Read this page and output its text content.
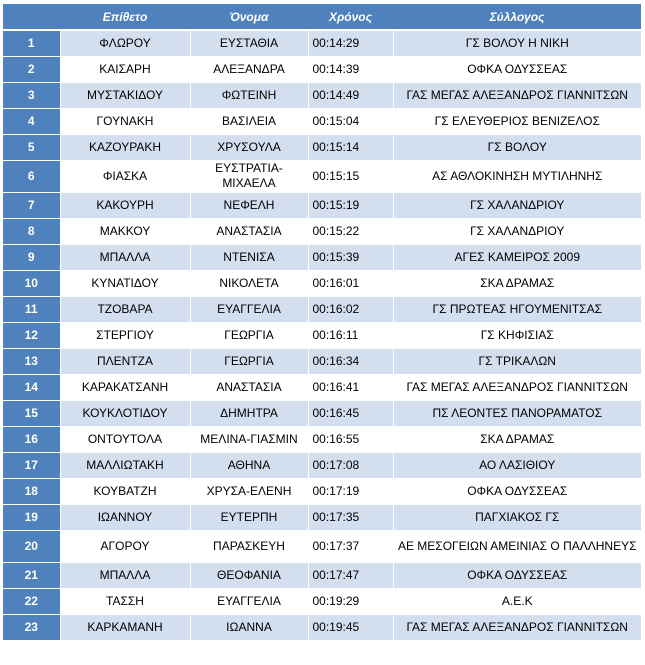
	Επίθετο	Όνομα	Χρόνος	Σύλλογος
1	ΦΛΩΡΟΥ	ΕΥΣΤΑΘΙΑ	00:14:29	ΓΣ ΒΟΛΟΥ Η ΝΙΚΗ
2	ΚΑΙΣΑΡΗ	ΑΛΕΞΑΝΔΡΑ	00:14:39	ΟΦΚΑ ΟΔΥΣΣΕΑΣ
3	ΜΥΣΤΑΚΙΔΟΥ	ΦΩΤΕΙΝΗ	00:14:49	ΓΑΣ ΜΕΓΑΣ ΑΛΕΞΑΝΔΡΟΣ ΓΙΑΝΝΙΤΣΩΝ
4	ΓΟΥΝΑΚΗ	ΒΑΣΙΛΕΙΑ	00:15:04	ΓΣ ΕΛΕΥΘΕΡΙΟΣ ΒΕΝΙΖΕΛΟΣ
5	ΚΑΖΟΥΡΑΚΗ	ΧΡΥΣΟΥΛΑ	00:15:14	ΓΣ ΒΟΛΟΥ
6	ΦΙΑΣΚΑ	ΕΥΣΤΡΑΤΙΑ-ΜΙΧΑΕΛΑ	00:15:15	ΑΣ ΑΘΛΟΚΙΝΗΣΗ ΜΥΤΙΛΗΝΗΣ
7	ΚΑΚΟΥΡΗ	ΝΕΦΕΛΗ	00:15:19	ΓΣ ΧΑΛΑΝΔΡΙΟΥ
8	ΜΑΚΚΟΥ	ΑΝΑΣΤΑΣΙΑ	00:15:22	ΓΣ ΧΑΛΑΝΔΡΙΟΥ
9	ΜΠΑΛΛΑ	ΝΤΕΝΙΣΑ	00:15:39	ΑΓΕΣ ΚΑΜΕΙΡΟΣ 2009
10	ΚΥΝΑΤΙΔΟΥ	ΝΙΚΟΛΕΤΑ	00:16:01	ΣΚΑ ΔΡΑΜΑΣ
11	ΤΖΟΒΑΡΑ	ΕΥΑΓΓΕΛΙΑ	00:16:02	ΓΣ ΠΡΩΤΕΑΣ ΗΓΟΥΜΕΝΙΤΣΑΣ
12	ΣΤΕΡΓΙΟΥ	ΓΕΩΡΓΙΑ	00:16:11	ΓΣ ΚΗΦΙΣΙΑΣ
13	ΠΛΕΝΤΖΑ	ΓΕΩΡΓΙΑ	00:16:34	ΓΣ ΤΡΙΚΑΛΩΝ
14	ΚΑΡΑΚΑΤΣΑΝΗ	ΑΝΑΣΤΑΣΙΑ	00:16:41	ΓΑΣ ΜΕΓΑΣ ΑΛΕΞΑΝΔΡΟΣ ΓΙΑΝΝΙΤΣΩΝ
15	ΚΟΥΚΛΟΤΙΔΟΥ	ΔΗΜΗΤΡΑ	00:16:45	ΠΣ ΛΕΟΝΤΕΣ ΠΑΝΟΡΑΜΑΤΟΣ
16	ΟΝΤΟΥΤΟΛΑ	ΜΕΛΙΝΑ-ΓΙΑΣΜΙΝ	00:16:55	ΣΚΑ ΔΡΑΜΑΣ
17	ΜΑΛΛΙΩΤΑΚΗ	ΑΘΗΝΑ	00:17:08	ΑΟ ΛΑΣΙΘΙΟΥ
18	ΚΟΥΒΑΤΖΗ	ΧΡΥΣΑ-ΕΛΕΝΗ	00:17:19	ΟΦΚΑ ΟΔΥΣΣΕΑΣ
19	ΙΩΑΝΝΟΥ	ΕΥΤΕΡΠΗ	00:17:35	ΠΑΓΧΙΑΚΟΣ ΓΣ
20	ΑΓΟΡΟΥ	ΠΑΡΑΣΚΕΥΗ	00:17:37	ΑΕ ΜΕΣΟΓΕΙΩΝ ΑΜΕΙΝΙΑΣ Ο ΠΑΛΛΗΝΕΥΣ
21	ΜΠΑΛΛΑ	ΘΕΟΦΑΝΙΑ	00:17:47	ΟΦΚΑ ΟΔΥΣΣΕΑΣ
22	ΤΑΣΣΗ	ΕΥΑΓΓΕΛΙΑ	00:19:29	Α.Ε.Κ
23	ΚΑΡΚΑΜΑΝΗ	ΙΩΑΝΝΑ	00:19:45	ΓΑΣ ΜΕΓΑΣ ΑΛΕΞΑΝΔΡΟΣ ΓΙΑΝΝΙΤΣΩΝ
